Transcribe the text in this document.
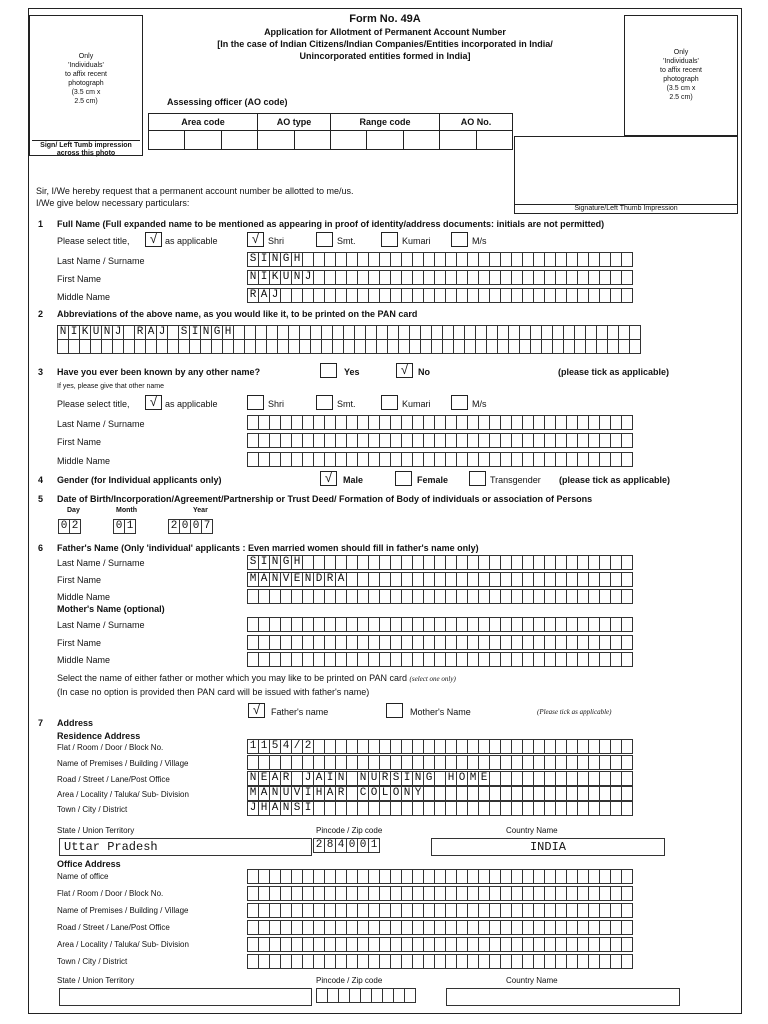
Only
'Individuals'
to affix recent
photograph
(3.5 cm x
2.5 cm)
Sign/ Left Tumb impression across this photo
Form No. 49A
Application for Allotment of Permanent Account Number
[In the case of Indian Citizens/Indian Companies/Entities incorporated in India/
Unincorporated entities formed in India]	Only
'Individuals'
to affix recent
photograph
(3.5 cm x
2.5 cm)
Signature/Left Thumb Impression
Assessing officer (AO code)
Area code			AO type		Range code			AO No.	

Sir, I/We hereby request that a permanent account number be allotted to me/us.
I/We give below necessary particulars:
1 Full Name (Full expanded name to be mentioned as appearing in proof of identity/address documents: initials are not permitted)
Please select title,	√ as applicable	√ Shri	Smt.	Kumari	M/s
Last Name / Surname	S I N G H
First Name	N I K U N J
Middle Name	R A J
2 Abbreviations of the above name, as you would like it, to be printed on the PAN card
N I K U N J R A J S I N G H
3 Have you ever been known by any other name?	Yes	√	No	(please tick as applicable)
If yes, please give that other name
Please select title,	√ as applicable	Shri	Smt.	Kumari	M/s
Last Name / Surname
First Name
Middle Name
4 Gender (for Individual applicants only)	√	Male	Female	Transgender (please tick as applicable)
5 Date of Birth/Incorporation/Agreement/Partnership or Trust Deed/ Formation of Body of individuals or association of Persons
Day	Month	Year
0 2	0 1	2 0 0 7
6 Father's Name (Only 'individual' applicants : Even married women should fill in father's name only)
Last Name / Surname	S I N G H
First Name	M A N V E N D R A
Middle Name
Mother's Name (optional)
Last Name / Surname
First Name
Middle Name
Select the name of either father or mother which you may like to be printed on PAN card (select one only)
(In case no option is provided then PAN card will be issued with father's name)
√	Father's name	Mother's Name	(Please tick as applicable)
7 Address
Residence Address
Flat / Room / Door / Block No.	1 1 5 4 / 2
Name of Premises / Building / Village
Road / Street / Lane/Post Office	N E A R J A I N N U R S I N G H O M E
Area / Locality / Taluka/ Sub- Division	M A N U V I H A R C O L O N Y
Town / City / District	J H A N S I
State / Union Territory	Pincode / Zip code	Country Name
Uttar Pradesh	2 8 4 0 0 1	INDIA
Office Address
Name of office
Flat / Room / Door / Block No.
Name of Premises / Building / Village
Road / Street / Lane/Post Office
Area / Locality / Taluka/ Sub- Division
Town / City / District
State / Union Territory	Pincode / Zip code	Country Name
